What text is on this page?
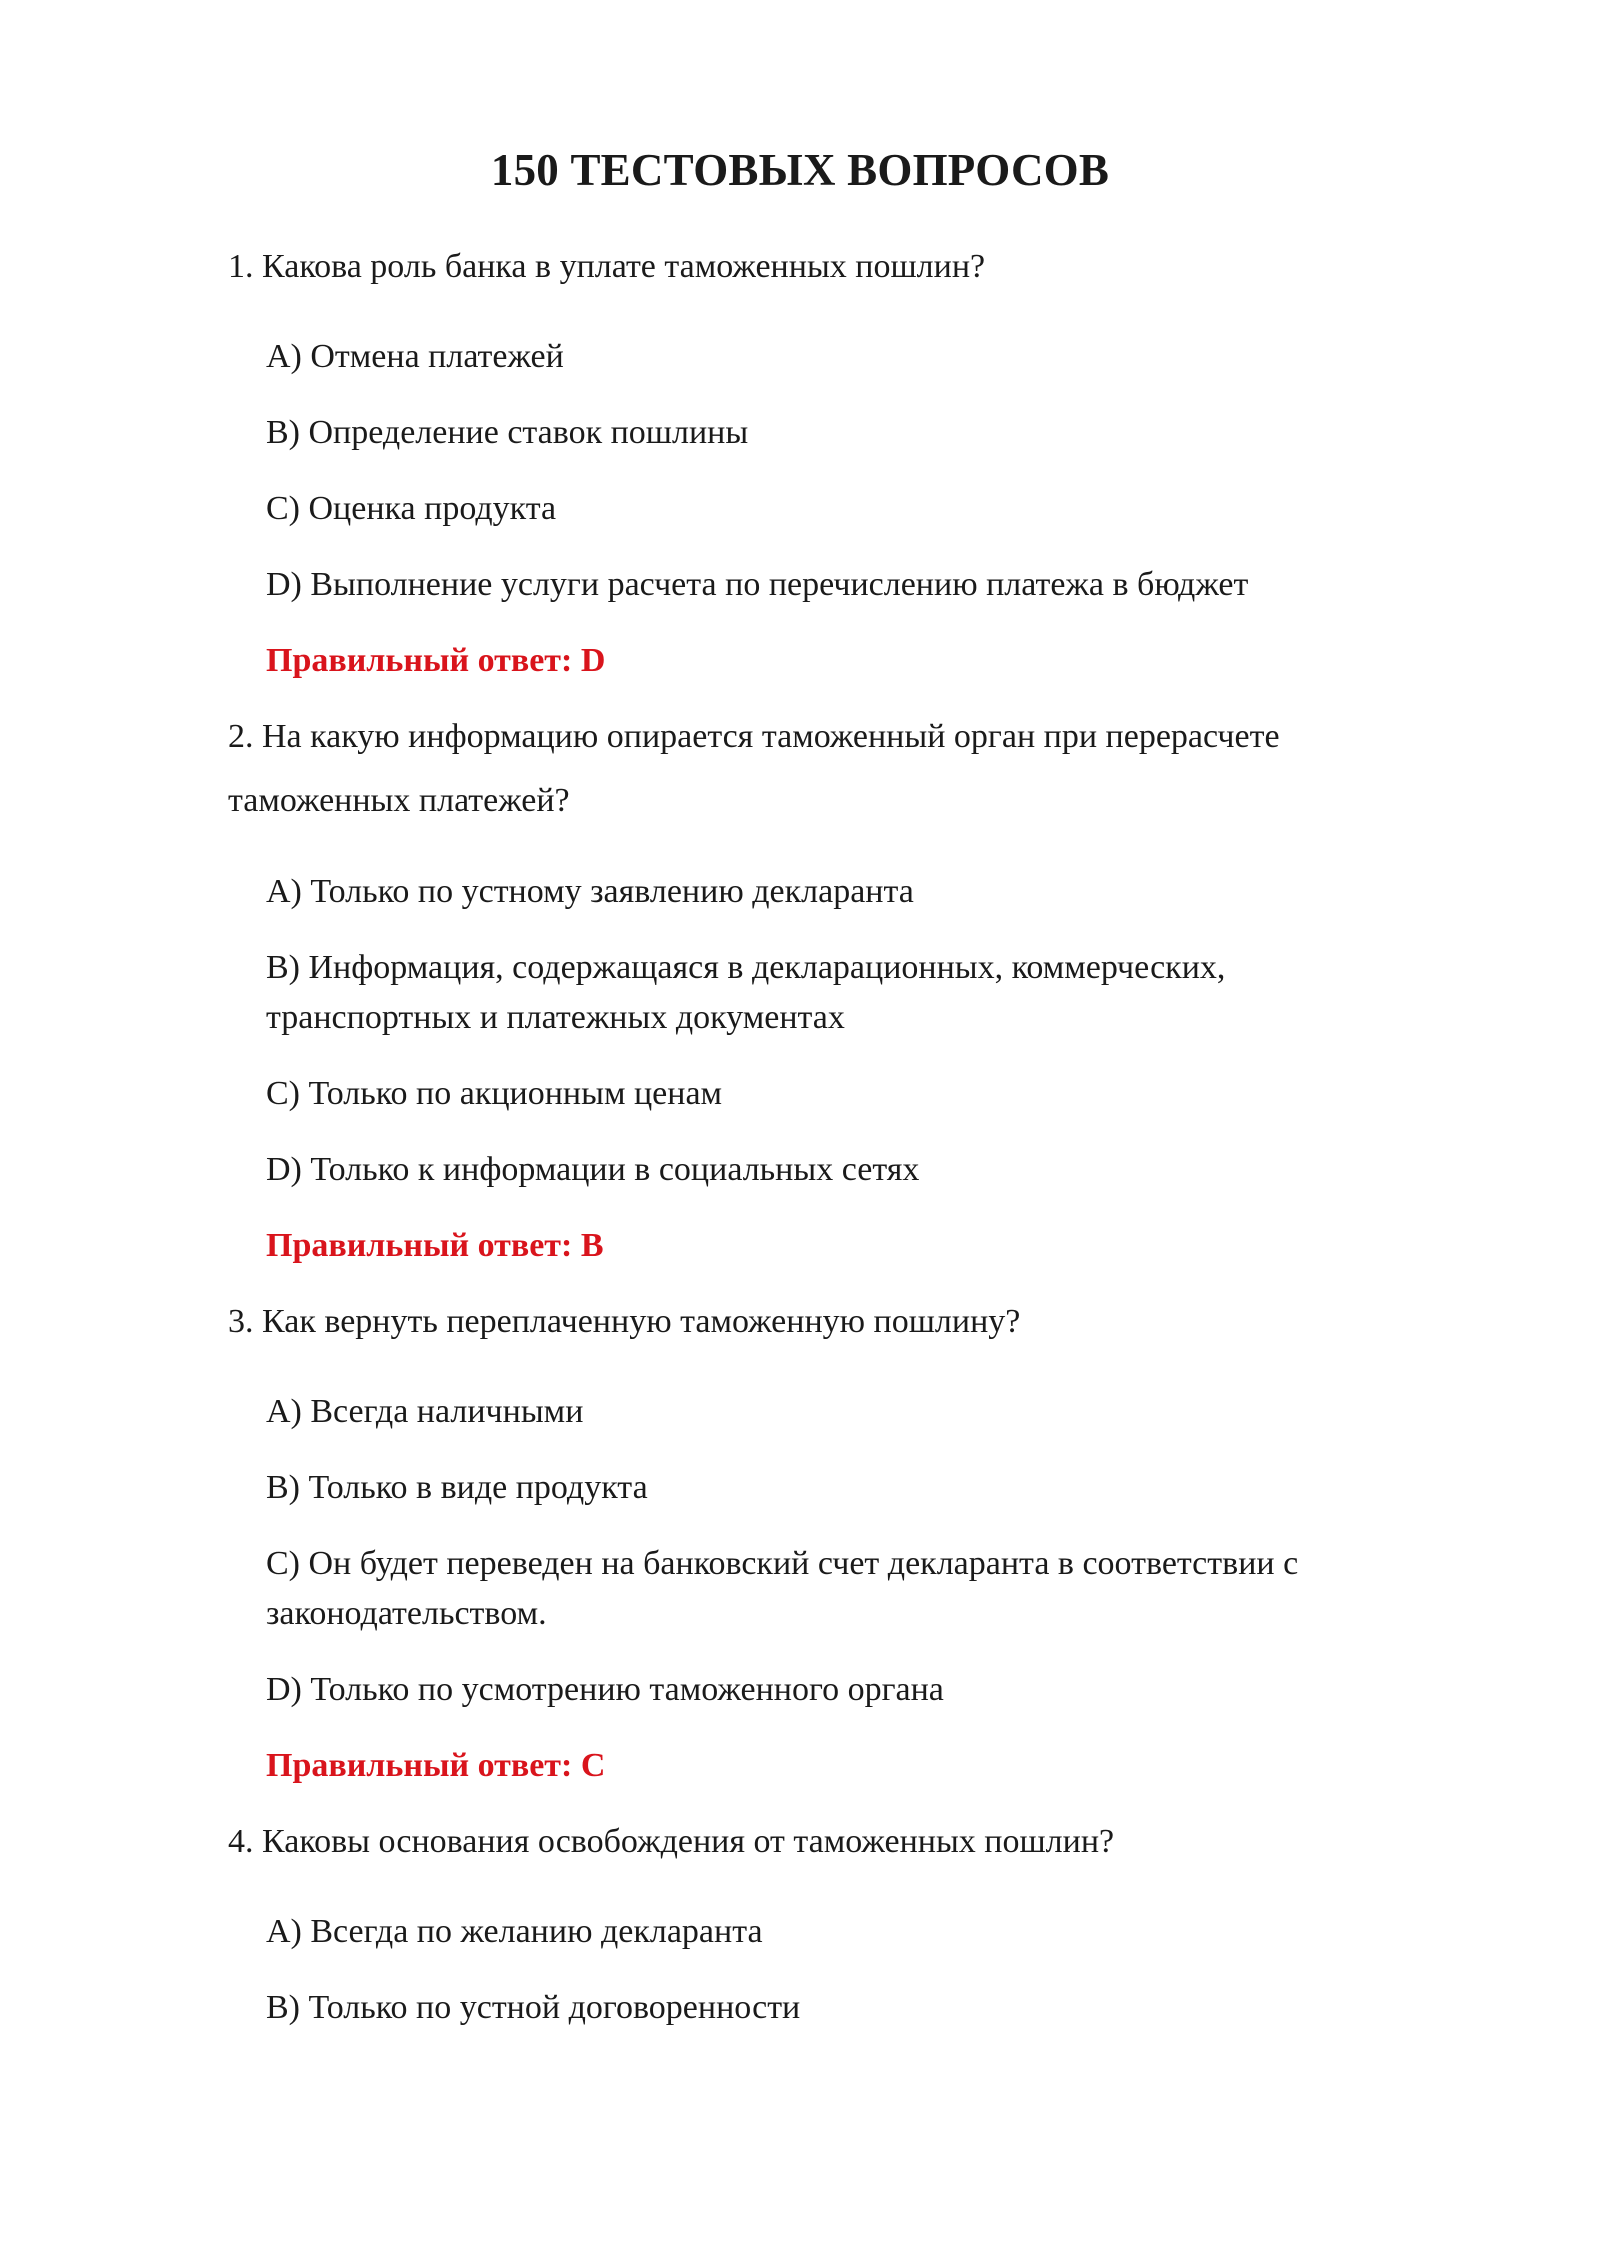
150 ТЕСТОВЫХ ВОПРОСОВ
1. Какова роль банка в уплате таможенных пошлин?
A) Отмена платежей
B) Определение ставок пошлины
C) Оценка продукта
D) Выполнение услуги расчета по перечислению платежа в бюджет
Правильный ответ: D
2. На какую информацию опирается таможенный орган при перерасчете
таможенных платежей?
A) Только по устному заявлению декларанта
B) Информация, содержащаяся в декларационных, коммерческих,
транспортных и платежных документах
C) Только по акционным ценам
D) Только к информации в социальных сетях
Правильный ответ: B
3. Как вернуть переплаченную таможенную пошлину?
A) Всегда наличными
B) Только в виде продукта
C) Он будет переведен на банковский счет декларанта в соответствии с
законодательством.
D) Только по усмотрению таможенного органа
Правильный ответ: C
4. Каковы основания освобождения от таможенных пошлин?
A) Всегда по желанию декларанта
B) Только по устной договоренности
